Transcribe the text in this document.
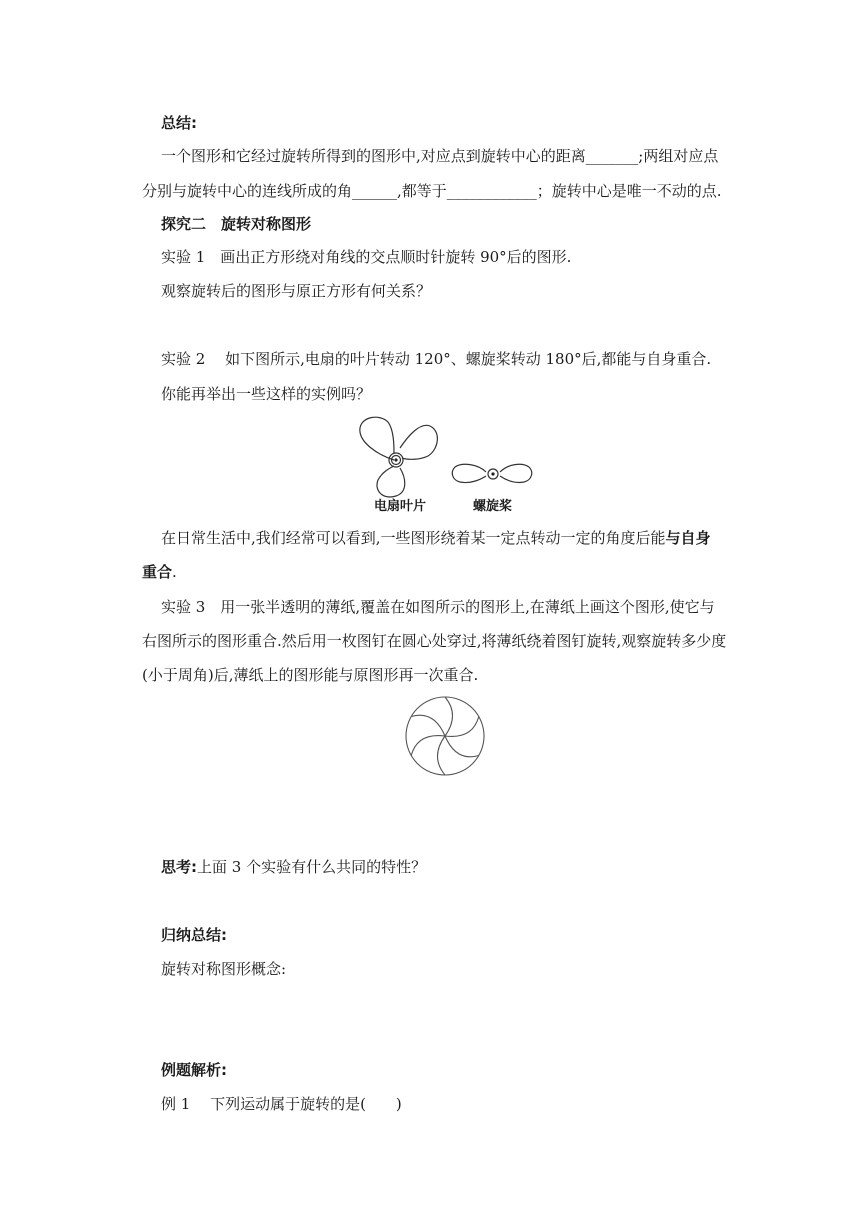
总结:
一个图形和它经过旋转所得到的图形中,对应点到旋转中心的距离_______;两组对应点
分别与旋转中心的连线所成的角______,都等于____________；旋转中心是唯一不动的点.
探究二　旋转对称图形
实验 1　画出正方形绕对角线的交点顺时针旋转 90°后的图形.
观察旋转后的图形与原正方形有何关系？
实验 2　 如下图所示,电扇的叶片转动 120°、螺旋桨转动 180°后,都能与自身重合.
你能再举出一些这样的实例吗？
电扇叶片	螺旋桨
在日常生活中,我们经常可以看到,一些图形绕着某一定点转动一定的角度后能与自身
重合.
实验 3　用一张半透明的薄纸,覆盖在如图所示的图形上,在薄纸上画这个图形,使它与
右图所示的图形重合.然后用一枚图钉在圆心处穿过,将薄纸绕着图钉旋转,观察旋转多少度
(小于周角)后,薄纸上的图形能与原图形再一次重合.
思考:上面 3 个实验有什么共同的特性？
归纳总结:
旋转对称图形概念:
例题解析:
例 1　 下列运动属于旋转的是(　　)
